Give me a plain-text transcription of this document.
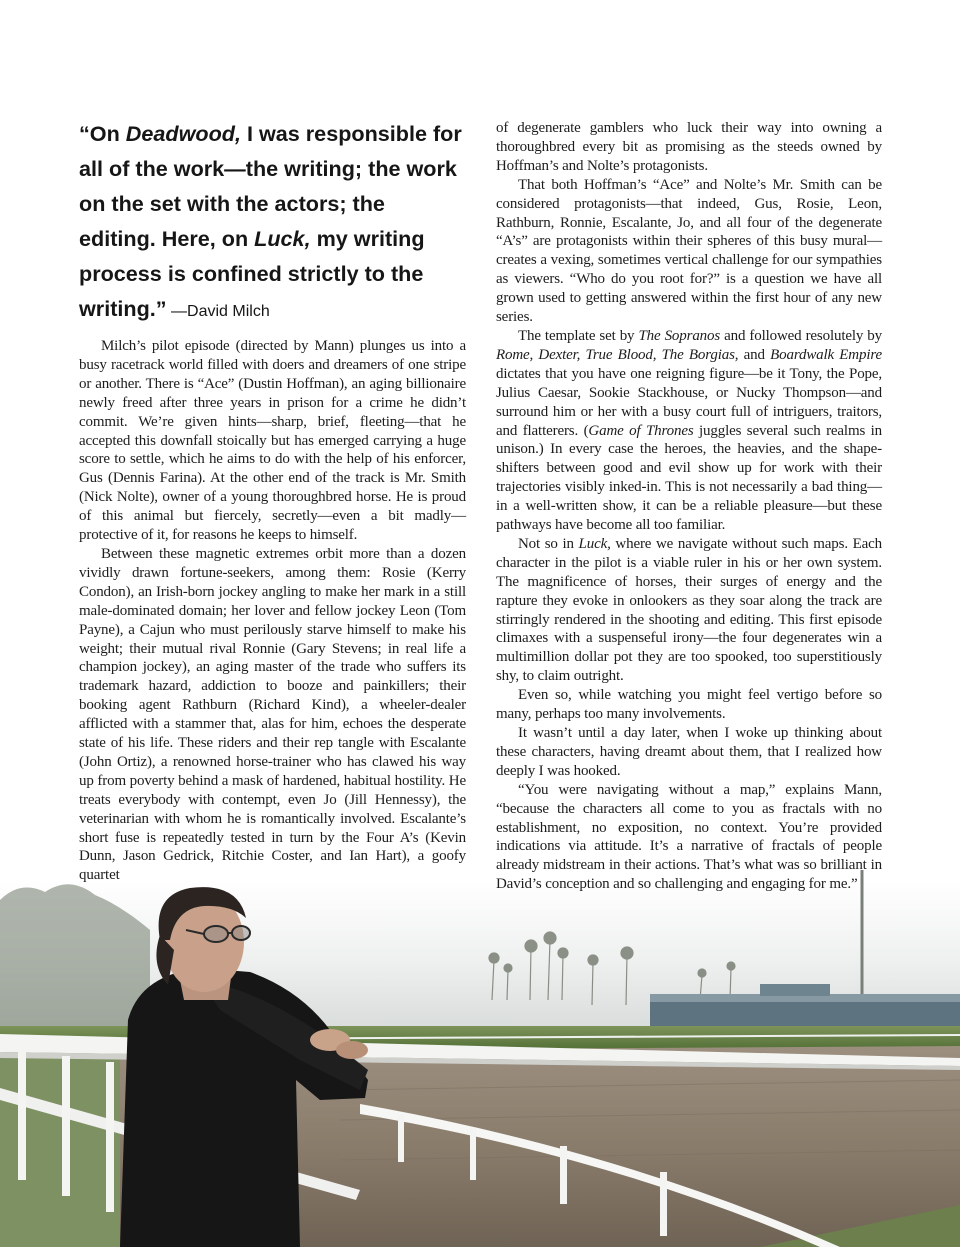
“On Deadwood, I was responsible for all of the work—the writing; the work on the set with the actors; the editing. Here, on Luck, my writing process is confined strictly to the writing.” —David Milch

Milch’s pilot episode (directed by Mann) plunges us into a busy racetrack world filled with doers and dreamers of one stripe or another. There is “Ace” (Dustin Hoffman), an aging billionaire newly freed after three years in prison for a crime he didn’t commit. We’re given hints—sharp, brief, fleeting—that he accepted this downfall stoically but has emerged carrying a huge score to settle, which he aims to do with the help of his enforcer, Gus (Dennis Farina). At the other end of the track is Mr. Smith (Nick Nolte), owner of a young thoroughbred horse. He is proud of this animal but fiercely, secretly—even a bit madly—protective of it, for reasons he keeps to himself.

Between these magnetic extremes orbit more than a dozen vividly drawn fortune-seekers, among them: Rosie (Kerry Condon), an Irish-born jockey angling to make her mark in a still male-dominated domain; her lover and fellow jockey Leon (Tom Payne), a Cajun who must perilously starve himself to make his weight; their mutual rival Ronnie (Gary Stevens; in real life a champion jockey), an aging master of the trade who suffers its trademark hazard, addiction to booze and painkillers; their booking agent Rathburn (Richard Kind), a wheeler-dealer afflicted with a stammer that, alas for him, echoes the desperate state of his life. These riders and their rep tangle with Escalante (John Ortiz), a renowned horse-trainer who has clawed his way up from poverty behind a mask of hardened, habitual hostility. He treats everybody with contempt, even Jo (Jill Hennessy), the veterinarian with whom he is romantically involved. Escalante’s short fuse is repeatedly tested in turn by the Four A’s (Kevin Dunn, Jason Gedrick, Ritchie Coster, and Ian Hart), a goofy quartet

of degenerate gamblers who luck their way into owning a thoroughbred every bit as promising as the steeds owned by Hoffman’s and Nolte’s protagonists.

That both Hoffman’s “Ace” and Nolte’s Mr. Smith can be considered protagonists—that indeed, Gus, Rosie, Leon, Rathburn, Ronnie, Escalante, Jo, and all four of the degenerate “A’s” are protagonists within their spheres of this busy mural—creates a vexing, sometimes vertical challenge for our sympathies as viewers. “Who do you root for?” is a question we have all grown used to getting answered within the first hour of any new series.

The template set by The Sopranos and followed resolutely by Rome, Dexter, True Blood, The Borgias, and Boardwalk Empire dictates that you have one reigning figure—be it Tony, the Pope, Julius Caesar, Sookie Stackhouse, or Nucky Thompson—and surround him or her with a busy court full of intriguers, traitors, and flatterers. (Game of Thrones juggles several such realms in unison.) In every case the heroes, the heavies, and the shape-shifters between good and evil show up for work with their trajectories visibly inked-in. This is not necessarily a bad thing—in a well-written show, it can be a reliable pleasure—but these pathways have become all too familiar.

Not so in Luck, where we navigate without such maps. Each character in the pilot is a viable ruler in his or her own system. The magnificence of horses, their surges of energy and the rapture they evoke in onlookers as they soar along the track are stirringly rendered in the shooting and editing. This first episode climaxes with a suspenseful irony—the four degenerates win a multimillion dollar pot they are too spooked, too superstitiously shy, to claim outright.

Even so, while watching you might feel vertigo before so many, perhaps too many involvements.

It wasn’t until a day later, when I woke up thinking about these characters, having dreamt about them, that I realized how deeply I was hooked.

“You were navigating without a map,” explains Mann, “because the characters all come to you as fractals with no establishment, no exposition, no context. You’re provided indications via attitude. It’s a narrative of fractals of people already midstream in their actions. That’s what was so brilliant in David’s conception and so challenging and engaging for me.”
